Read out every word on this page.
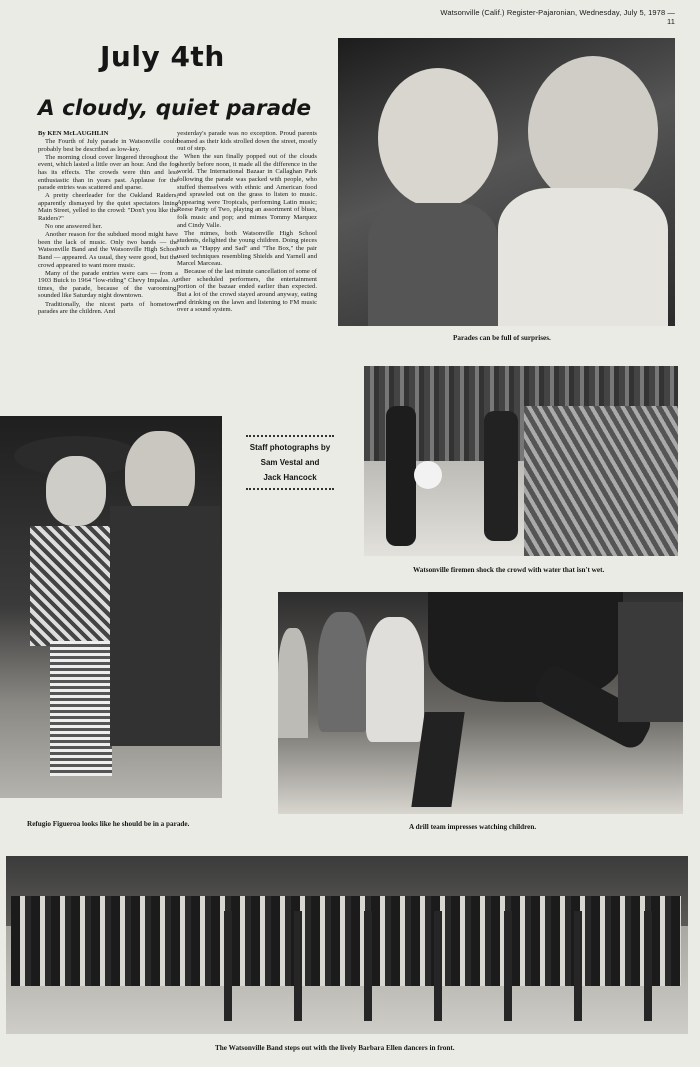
Watsonville (Calif.) Register-Pajaronian, Wednesday, July 5, 1978 — 11
July 4th
A cloudy, quiet parade

By KEN McLAUGHLIN

The Fourth of July parade in Watsonville could probably best be described as low-key.

The morning cloud cover lingered throughout the event, which lasted a little over an hour. And the fog has its effects. The crowds were thin and less enthusiastic than in years past. Applause for the parade entries was scattered and sparse.

A pretty cheerleader for the Oakland Raiders, apparently dismayed by the quiet spectators lining Main Street, yelled to the crowd: "Don't you like the Raiders?"

No one answered her.

Another reason for the subdued mood might have been the lack of music. Only two bands — the Watsonville Band and the Watsonville High School Band — appeared. As usual, they were good, but the crowd appeared to want more music.

Many of the parade entries were cars — from a 1903 Buick to 1964 "low-riding" Chevy Impalas. At times, the parade, because of the varooming, sounded like Saturday night downtown.

Traditionally, the nicest parts of hometown parades are the children. And

yesterday's parade was no exception. Proud parents beamed as their kids strolled down the street, mostly out of step.

When the sun finally popped out of the clouds shortly before noon, it made all the difference in the world. The International Bazaar in Callaghan Park following the parade was packed with people, who stuffed themselves with ethnic and American food and sprawled out on the grass to listen to music. Appearing were Tropicals, performing Latin music; Reese Party of Two, playing an assortment of blues, folk music and pop; and mimes Tommy Marquez and Cindy Valle.

The mimes, both Watsonville High School students, delighted the young children. Doing pieces such as "Happy and Sad" and "The Box," the pair used techniques resembling Shields and Yarnell and Marcel Marceau.

Because of the last minute cancellation of some of other scheduled performers, the entertainment portion of the bazaar ended earlier than expected. But a lot of the crowd stayed around anyway, eating and drinking on the lawn and listening to FM music over a sound system.

Parades can be full of surprises.
Watsonville firemen shock the crowd with water that isn't wet.
Staff photographs by
Sam Vestal and
Jack Hancock
Refugio Figueroa looks like he should be in a parade.	A drill team impresses watching children.
The Watsonville Band steps out with the lively Barbara Ellen dancers in front.
